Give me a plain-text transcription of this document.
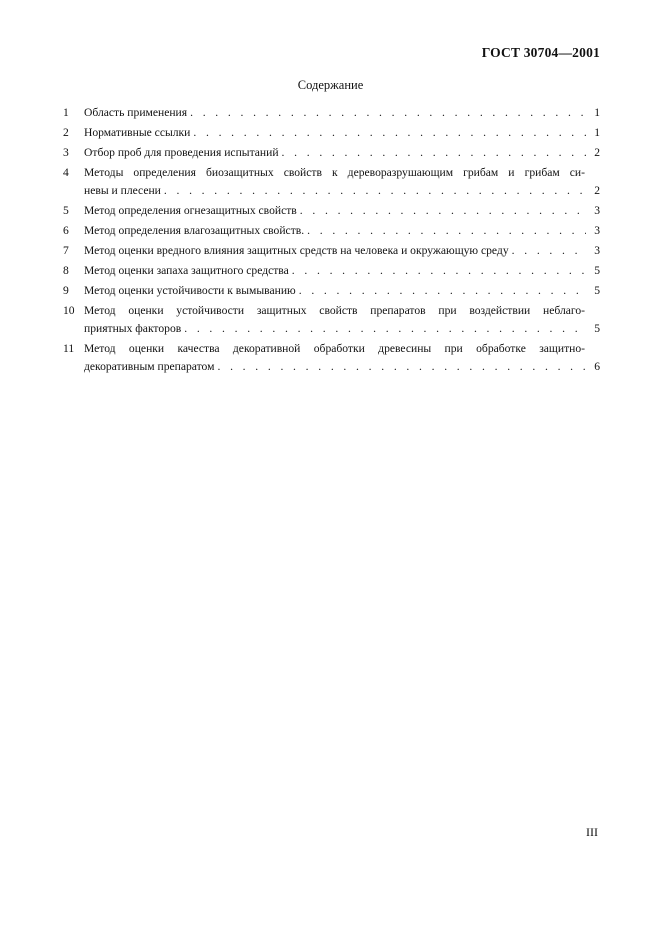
ГОСТ 30704—2001
Содержание
1	Область применения . . .	1
2	Нормативные ссылки . . .	1
3	Отбор проб для проведения испытаний . . .	2
4	Методы определения биозащитных свойств к дереворазрушающим грибам и грибам си-
невы и плесени . . .	2
5	Метод определения огнезащитных свойств . . .	3
6	Метод определения влагозащитных свойств. . . .	3
7	Метод оценки вредного влияния защитных средств на человека и окружающую среду . . .	3
8	Метод оценки запаха защитного средства . . .	5
9	Метод оценки устойчивости к вымыванию . . .	5
10 Метод оценки устойчивости защитных свойств препаратов при воздействии неблаго-
приятных факторов . . .	5
11 Метод оценки качества декоративной обработки древесины при обработке защитно-
декоративным препаратом . . .	6
III
